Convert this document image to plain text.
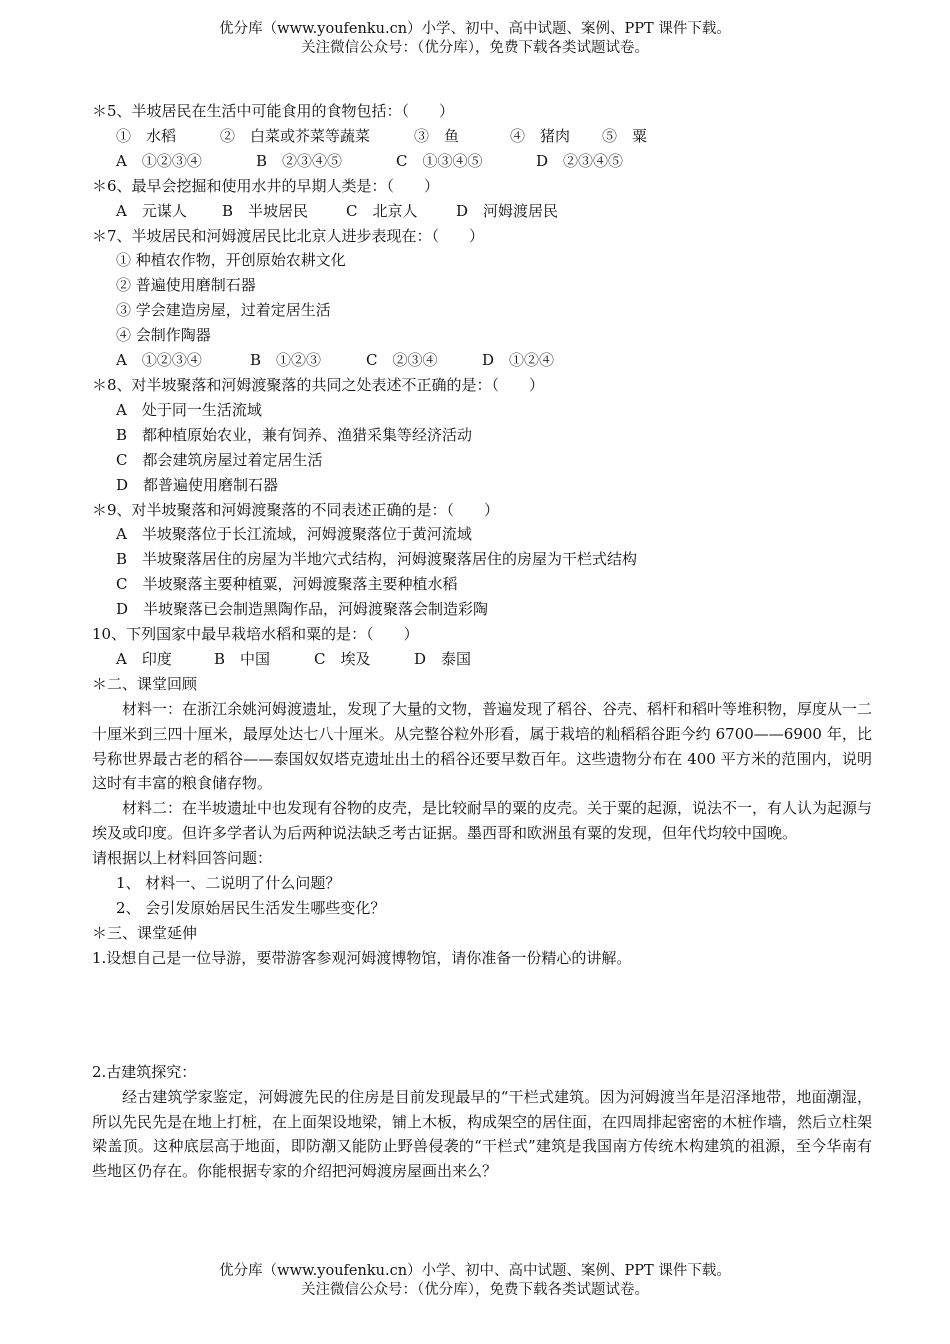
优分库（www.youfenku.cn）小学、初中、高中试题、案例、PPT 课件下载。
关注微信公众号：（优分库），免费下载各类试题试卷。
＊5、半坡居民在生活中可能食用的食物包括：（　　）
①　水稻	②　白菜或芥菜等蔬菜	③　鱼	④　猪肉 ⑤　粟
A　①②③④	B　②③④⑤	C　①③④⑤	D　②③④⑤
＊6、最早会挖掘和使用水井的早期人类是：（　　）
A　元谋人 B　半坡居民	C　北京人	D　河姆渡居民
＊7、半坡居民和河姆渡居民比北京人进步表现在：（　　）
① 种植农作物，开创原始农耕文化
② 普遍使用磨制石器
③ 学会建造房屋，过着定居生活
④ 会制作陶器
A　①②③④	B　①②③	C　②③④	D　①②④
＊8、对半坡聚落和河姆渡聚落的共同之处表述不正确的是：（　　）
A　处于同一生活流域
B　都种植原始农业，兼有饲养、渔猎采集等经济活动
C　都会建筑房屋过着定居生活
D　都普遍使用磨制石器
＊9、对半坡聚落和河姆渡聚落的不同表述正确的是：（　　）
A　半坡聚落位于长江流域，河姆渡聚落位于黄河流域
B　半坡聚落居住的房屋为半地穴式结构，河姆渡聚落居住的房屋为干栏式结构
C　半坡聚落主要种植粟，河姆渡聚落主要种植水稻
D　半坡聚落已会制造黑陶作品，河姆渡聚落会制造彩陶
10、下列国家中最早栽培水稻和粟的是：（　　）
A　印度	B　中国	C　埃及	D　泰国
＊二、课堂回顾
材料一：在浙江余姚河姆渡遗址，发现了大量的文物，普遍发现了稻谷、谷壳、稻杆和稻叶等堆积物，厚度从一二十厘米到三四十厘米，最厚处达七八十厘米。从完整谷粒外形看，属于栽培的籼稻稻谷距今约 6700——6900 年，比号称世界最古老的稻谷——泰国奴奴塔克遗址出土的稻谷还要早数百年。这些遗物分布在 400 平方米的范围内，说明这时有丰富的粮食储存物。
材料二：在半坡遗址中也发现有谷物的皮壳，是比较耐旱的粟的皮壳。关于粟的起源，说法不一，有人认为起源与埃及或印度。但许多学者认为后两种说法缺乏考古证据。墨西哥和欧洲虽有粟的发现，但年代均较中国晚。
请根据以上材料回答问题：
1、 材料一、二说明了什么问题？
2、 会引发原始居民生活发生哪些变化？
＊三、课堂延伸
1.设想自己是一位导游，要带游客参观河姆渡博物馆，请你准备一份精心的讲解。
2.古建筑探究：
经古建筑学家鉴定，河姆渡先民的住房是目前发现最早的“干栏式建筑。因为河姆渡当年是沼泽地带，地面潮湿，所以先民先是在地上打桩，在上面架设地梁，铺上木板，构成架空的居住面，在四周排起密密的木桩作墙，然后立柱架梁盖顶。这种底层高于地面，即防潮又能防止野兽侵袭的“干栏式”建筑是我国南方传统木构建筑的祖源，至今华南有些地区仍存在。你能根据专家的介绍把河姆渡房屋画出来么？
优分库（www.youfenku.cn）小学、初中、高中试题、案例、PPT 课件下载。
关注微信公众号：（优分库），免费下载各类试题试卷。
